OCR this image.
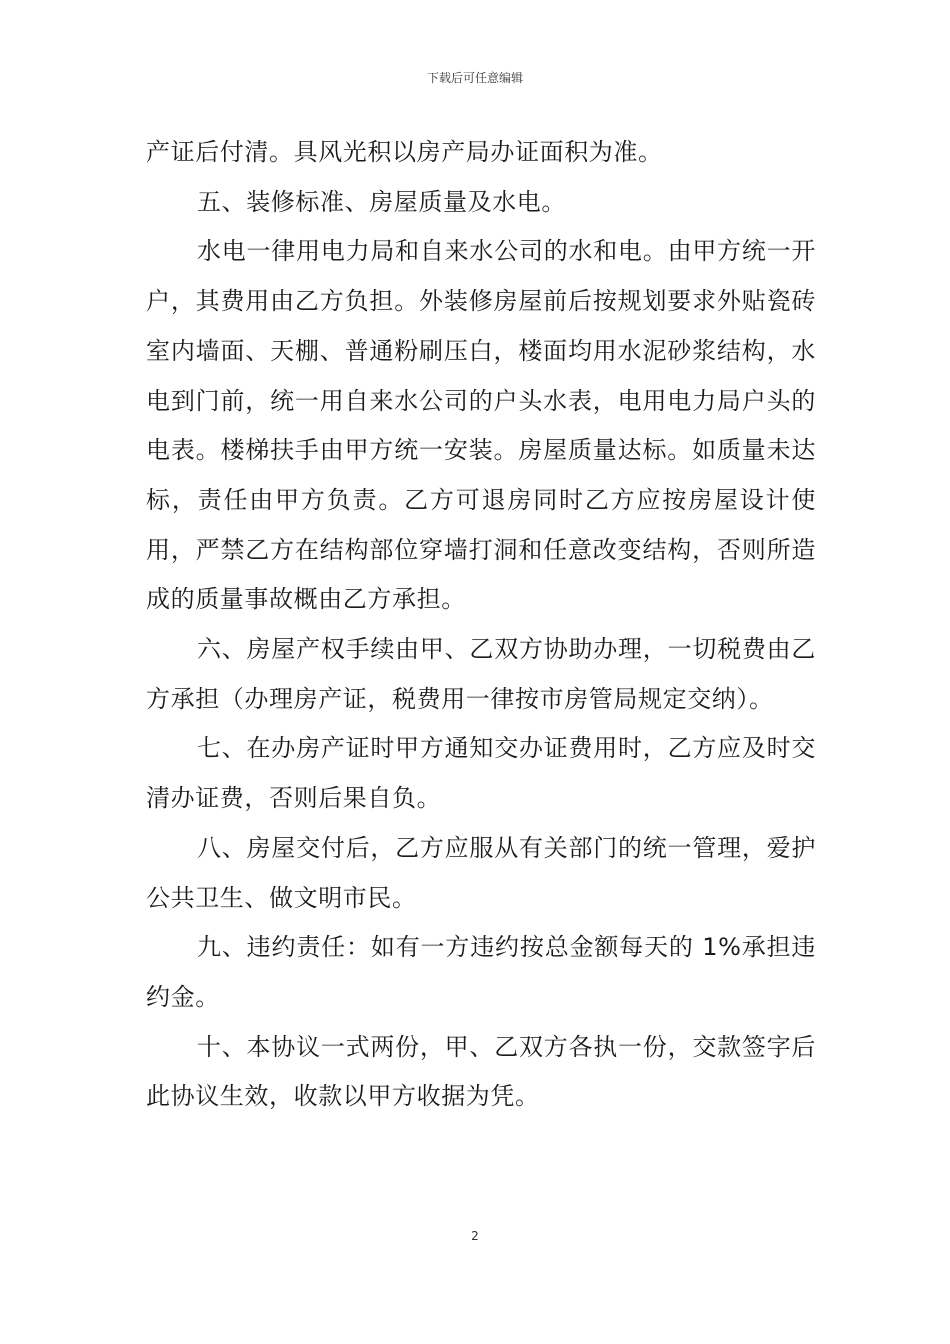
下载后可任意编辑

产证后付清。具风光积以房产局办证面积为准。

五、装修标准、房屋质量及水电。

水电一律用电力局和自来水公司的水和电。由甲方统一开户，其费用由乙方负担。外装修房屋前后按规划要求外贴瓷砖室内墙面、天棚、普通粉刷压白，楼面均用水泥砂浆结构，水电到门前，统一用自来水公司的户头水表，电用电力局户头的电表。楼梯扶手由甲方统一安装。房屋质量达标。如质量未达标，责任由甲方负责。乙方可退房同时乙方应按房屋设计使用，严禁乙方在结构部位穿墙打洞和任意改变结构，否则所造成的质量事故概由乙方承担。

六、房屋产权手续由甲、乙双方协助办理，一切税费由乙方承担（办理房产证，税费用一律按市房管局规定交纳）。

七、在办房产证时甲方通知交办证费用时，乙方应及时交清办证费，否则后果自负。

八、房屋交付后，乙方应服从有关部门的统一管理，爱护公共卫生、做文明市民。

九、违约责任：如有一方违约按总金额每天的 1%承担违约金。

十、本协议一式两份，甲、乙双方各执一份，交款签字后此协议生效，收款以甲方收据为凭。

2
